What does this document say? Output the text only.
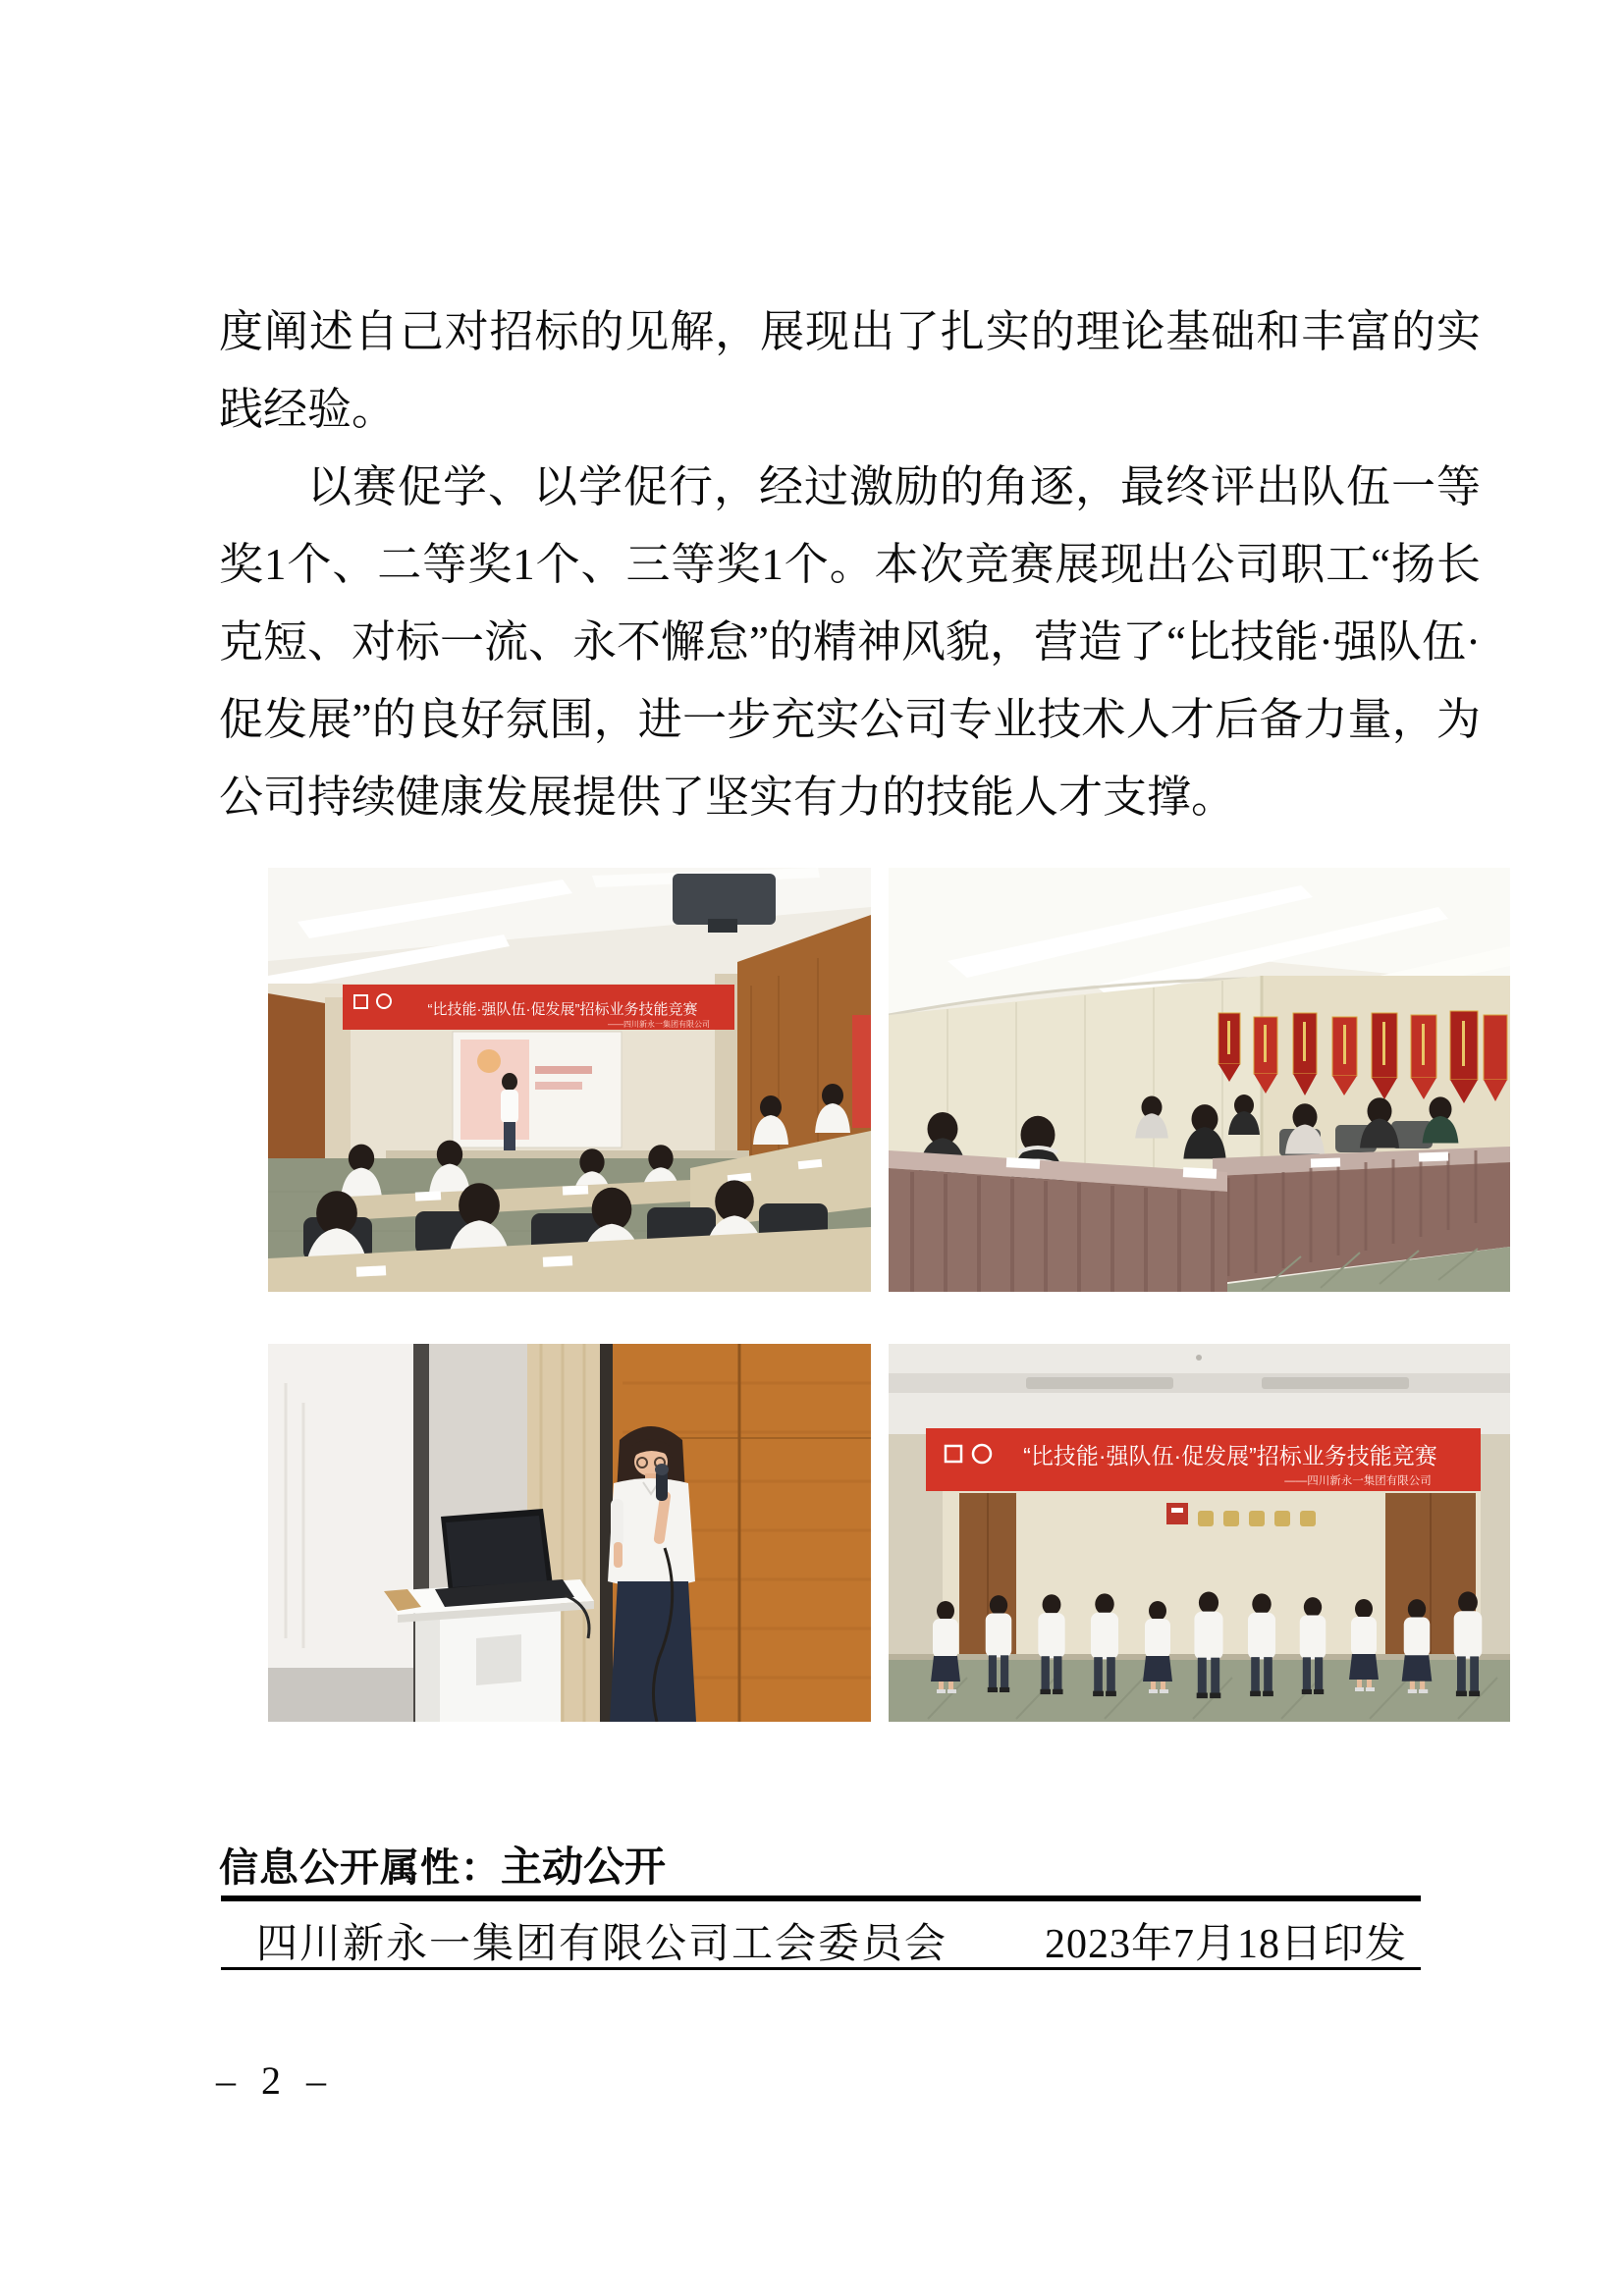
度阐述自己对招标的见解，展现出了扎实的理论基础和丰富的实践经验。

以赛促学、以学促行，经过激励的角逐，最终评出队伍一等奖1个、二等奖1个、三等奖1个。本次竞赛展现出公司职工“扬长克短、对标一流、永不懈怠”的精神风貌，营造了“比技能·强队伍·促发展”的良好氛围，进一步充实公司专业技术人才后备力量，为公司持续健康发展提供了坚实有力的技能人才支撑。

“比技能·强队伍·促发展”招标业务技能竞赛
——四川新永一集团有限公司
“比技能·强队伍·促发展”招标业务技能竞赛
——四川新永一集团有限公司
信息公开属性：主动公开
四川新永一集团有限公司工会委员会 2023年7月18日印发
– 2 –
